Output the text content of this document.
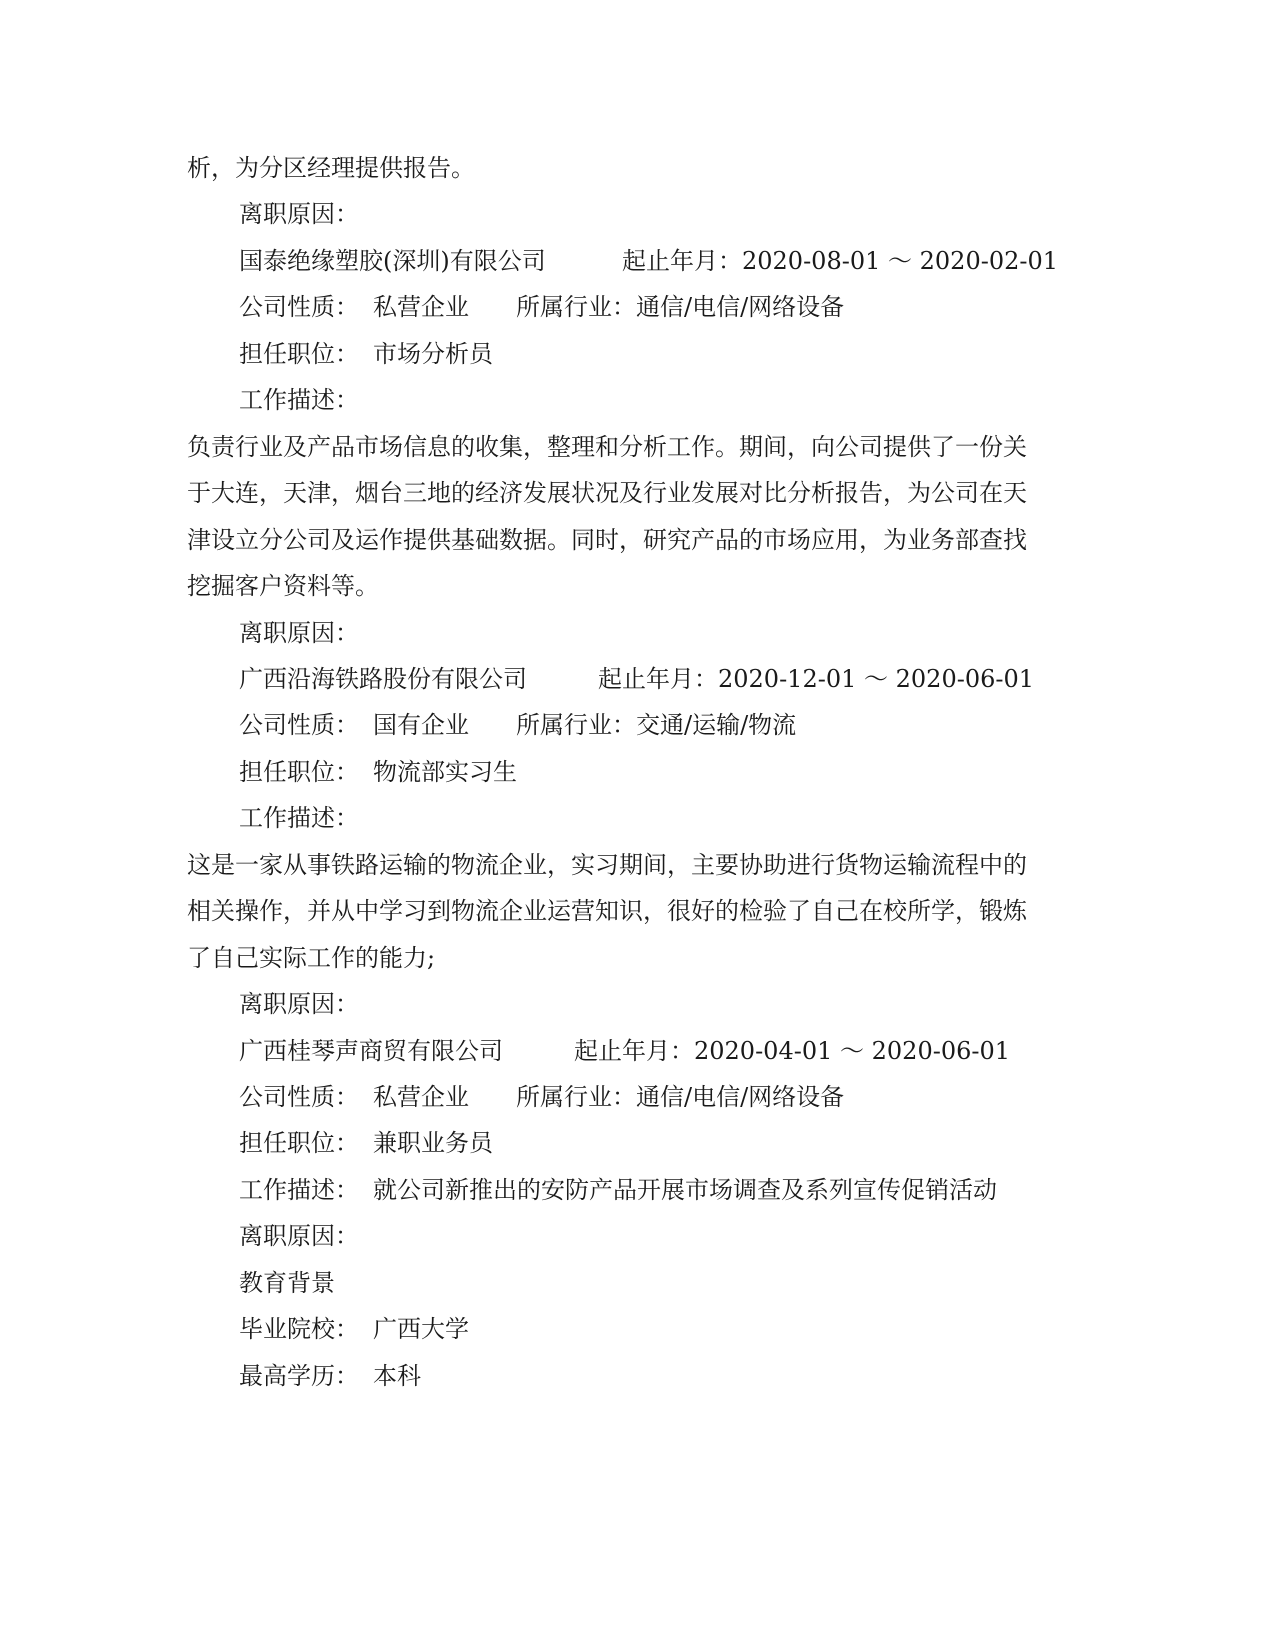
析，为分区经理提供报告。
离职原因：
国泰绝缘塑胶(深圳)有限公司	起止年月：2020-08-01 ～ 2020-02-01
公司性质： 私营企业 所属行业：通信/电信/网络设备
担任职位： 市场分析员
工作描述：
负责行业及产品市场信息的收集，整理和分析工作。期间，向公司提供了一份关
于大连，天津，烟台三地的经济发展状况及行业发展对比分析报告，为公司在天
津设立分公司及运作提供基础数据。同时，研究产品的市场应用，为业务部查找
挖掘客户资料等。
离职原因：
广西沿海铁路股份有限公司	起止年月：2020-12-01 ～ 2020-06-01
公司性质： 国有企业 所属行业：交通/运输/物流
担任职位： 物流部实习生
工作描述：
这是一家从事铁路运输的物流企业，实习期间，主要协助进行货物运输流程中的
相关操作，并从中学习到物流企业运营知识，很好的检验了自己在校所学，锻炼
了自己实际工作的能力;
离职原因：
广西桂琴声商贸有限公司	起止年月：2020-04-01 ～ 2020-06-01
公司性质： 私营企业 所属行业：通信/电信/网络设备
担任职位： 兼职业务员
工作描述： 就公司新推出的安防产品开展市场调查及系列宣传促销活动
离职原因：
教育背景
毕业院校： 广西大学
最高学历： 本科
